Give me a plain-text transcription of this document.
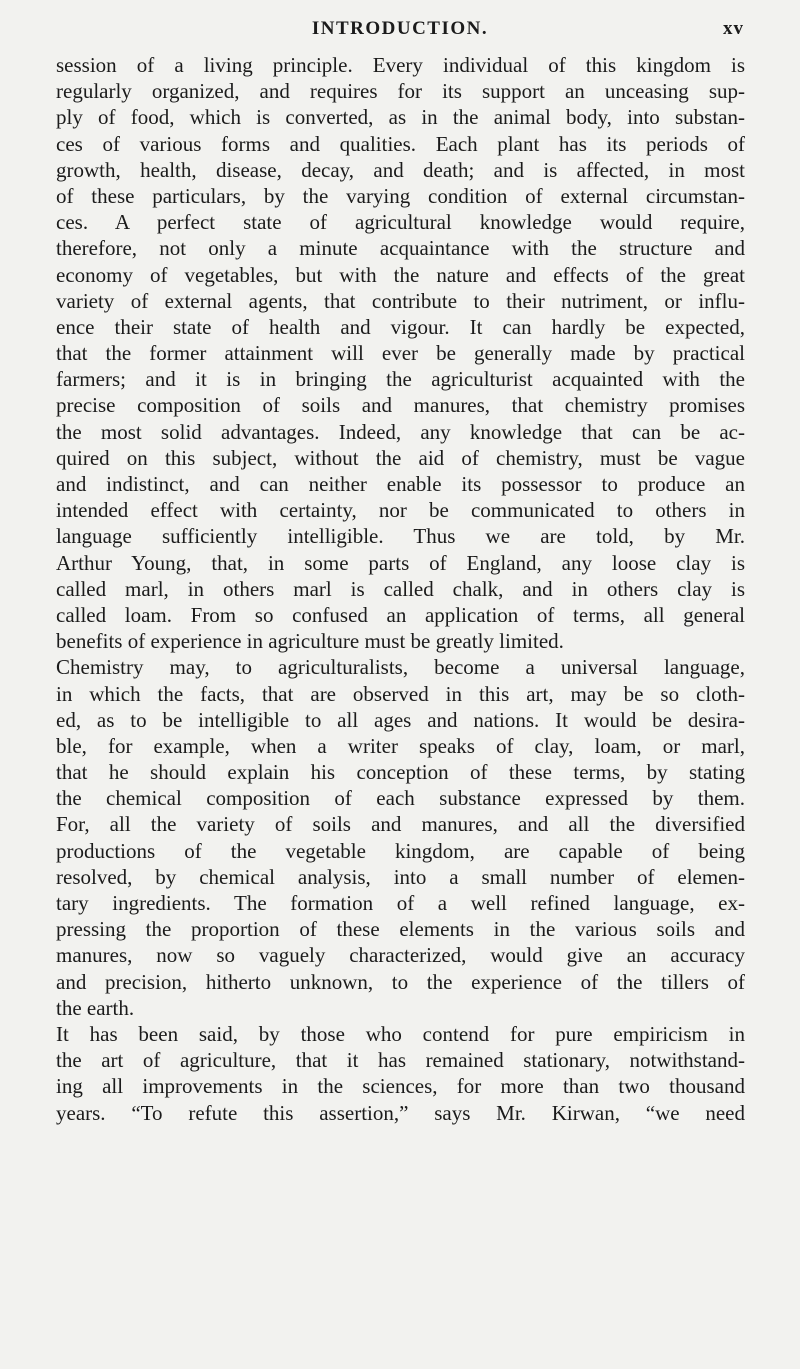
INTRODUCTION.	xv
session of a living principle. Every individual of this kingdom is
regularly organized, and requires for its support an unceasing sup-
ply of food, which is converted, as in the animal body, into substan-
ces of various forms and qualities. Each plant has its periods of
growth, health, disease, decay, and death; and is affected, in most
of these particulars, by the varying condition of external circumstan-
ces. A perfect state of agricultural knowledge would require,
therefore, not only a minute acquaintance with the structure and
economy of vegetables, but with the nature and effects of the great
variety of external agents, that contribute to their nutriment, or influ-
ence their state of health and vigour. It can hardly be expected,
that the former attainment will ever be generally made by practical
farmers; and it is in bringing the agriculturist acquainted with the
precise composition of soils and manures, that chemistry promises
the most solid advantages. Indeed, any knowledge that can be ac-
quired on this subject, without the aid of chemistry, must be vague
and indistinct, and can neither enable its possessor to produce an
intended effect with certainty, nor be communicated to others in
language sufficiently intelligible. Thus we are told, by Mr.
Arthur Young, that, in some parts of England, any loose clay is
called marl, in others marl is called chalk, and in others clay is
called loam. From so confused an application of terms, all general
benefits of experience in agriculture must be greatly limited.
Chemistry may, to agriculturalists, become a universal language,
in which the facts, that are observed in this art, may be so cloth-
ed, as to be intelligible to all ages and nations. It would be desira-
ble, for example, when a writer speaks of clay, loam, or marl,
that he should explain his conception of these terms, by stating
the chemical composition of each substance expressed by them.
For, all the variety of soils and manures, and all the diversified
productions of the vegetable kingdom, are capable of being
resolved, by chemical analysis, into a small number of elemen-
tary ingredients. The formation of a well refined language, ex-
pressing the proportion of these elements in the various soils and
manures, now so vaguely characterized, would give an accuracy
and precision, hitherto unknown, to the experience of the tillers of
the earth.
It has been said, by those who contend for pure empiricism in
the art of agriculture, that it has remained stationary, notwithstand-
ing all improvements in the sciences, for more than two thousand
years. “To refute this assertion,” says Mr. Kirwan, “we need
